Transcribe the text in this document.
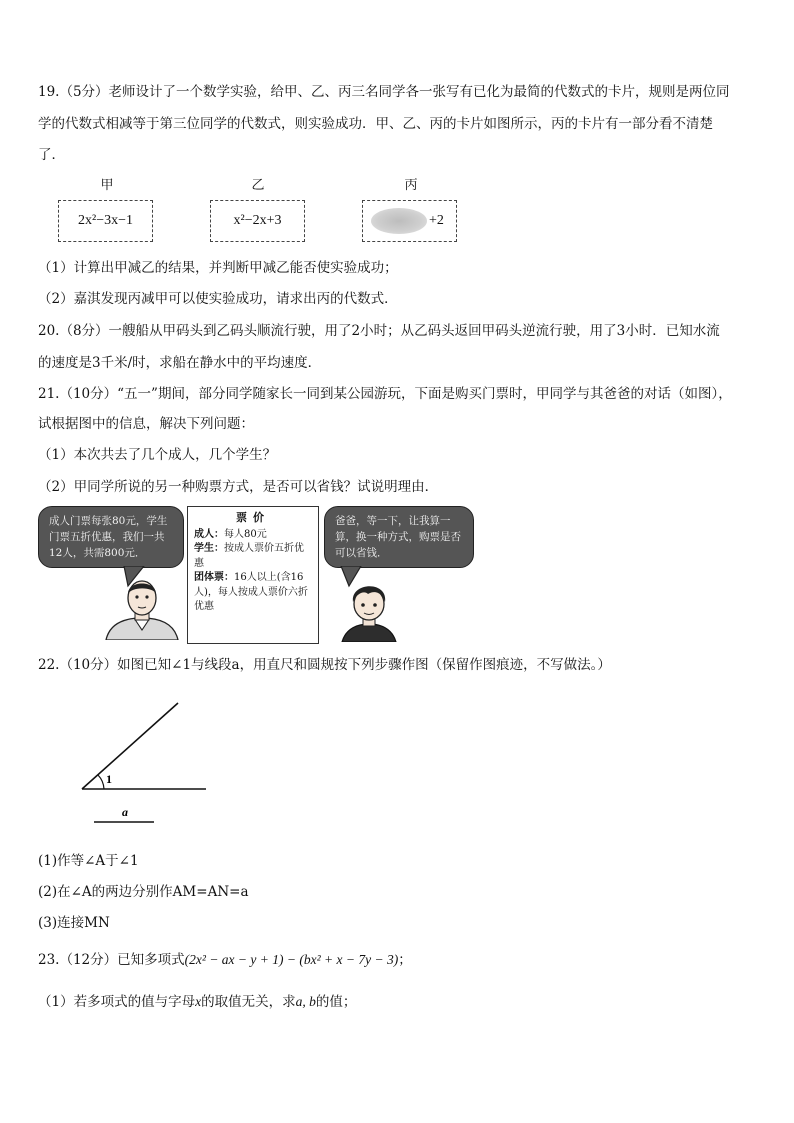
19.（5分）老师设计了一个数学实验，给甲、乙、丙三名同学各一张写有已化为最简的代数式的卡片，规则是两位同
学的代数式相减等于第三位同学的代数式，则实验成功．甲、乙、丙的卡片如图所示，丙的卡片有一部分看不清楚
了．
甲	乙	丙
2x²−3x−1	x²−2x+3	+2
（1）计算出甲减乙的结果，并判断甲减乙能否使实验成功；
（2）嘉淇发现丙减甲可以使实验成功，请求出丙的代数式．
20.（8分）一艘船从甲码头到乙码头顺流行驶，用了2小时；从乙码头返回甲码头逆流行驶，用了3小时．已知水流
的速度是3千米/时，求船在静水中的平均速度．
21.（10分）“五一”期间，部分同学随家长一同到某公园游玩，下面是购买门票时，甲同学与其爸爸的对话（如图），
试根据图中的信息，解决下列问题：
（1）本次共去了几个成人，几个学生？
（2）甲同学所说的另一种购票方式，是否可以省钱？试说明理由．
成人门票每张80元，学生门票五折优惠，我们一共12人，共需800元．
票价
成人：每人80元
学生：按成人票价五折优惠
团体票：16人以上(含16人)，每人按成人票价六折优惠
爸爸，等一下，让我算一算，换一种方式，购票是否可以省钱．
22.（10分）如图已知∠1与线段a，用直尺和圆规按下列步骤作图（保留作图痕迹，不写做法。）
1
a
(1)作等∠A于∠1
(2)在∠A的两边分别作AM=AN=a
(3)连接MN
23.（12分）已知多项式(2x² − ax − y + 1) − (bx² + x − 7y − 3)；
（1）若多项式的值与字母x的取值无关，求a, b的值；
